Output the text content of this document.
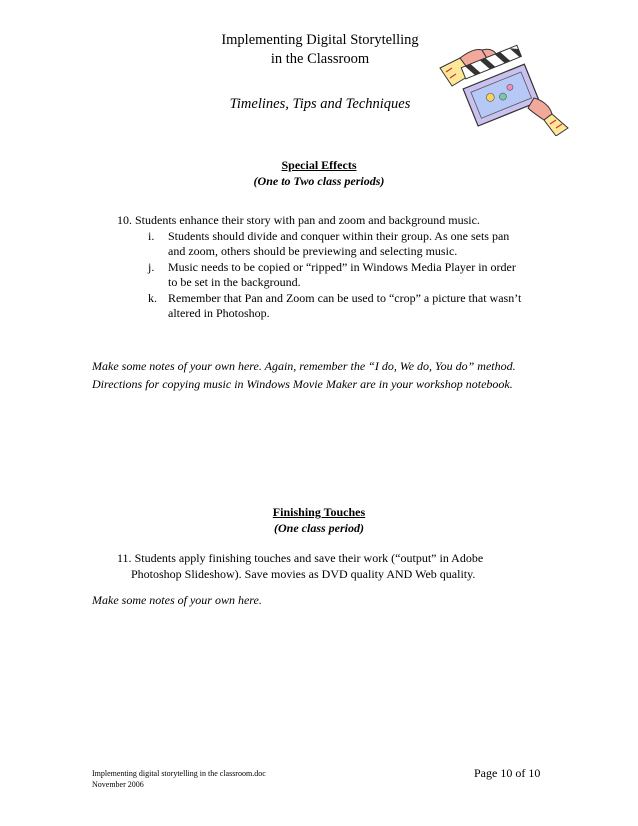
Implementing Digital Storytelling
in the Classroom
Timelines, Tips and Techniques
Special Effects
(One to Two class periods)
10. Students enhance their story with pan and zoom and background music.
i. Students should divide and conquer within their group. As one sets pan
and zoom, others should be previewing and selecting music.
j. Music needs to be copied or “ripped” in Windows Media Player in order
to be set in the background.
k. Remember that Pan and Zoom can be used to “crop” a picture that wasn’t
altered in Photoshop.
Make some notes of your own here. Again, remember the “I do, We do, You do” method.
Directions for copying music in Windows Movie Maker are in your workshop notebook.
Finishing Touches
(One class period)
11. Students apply finishing touches and save their work (“output” in Adobe
Photoshop Slideshow). Save movies as DVD quality AND Web quality.
Make some notes of your own here.
Implementing digital storytelling in the classroom.doc
November 2006
Page 10 of 10
